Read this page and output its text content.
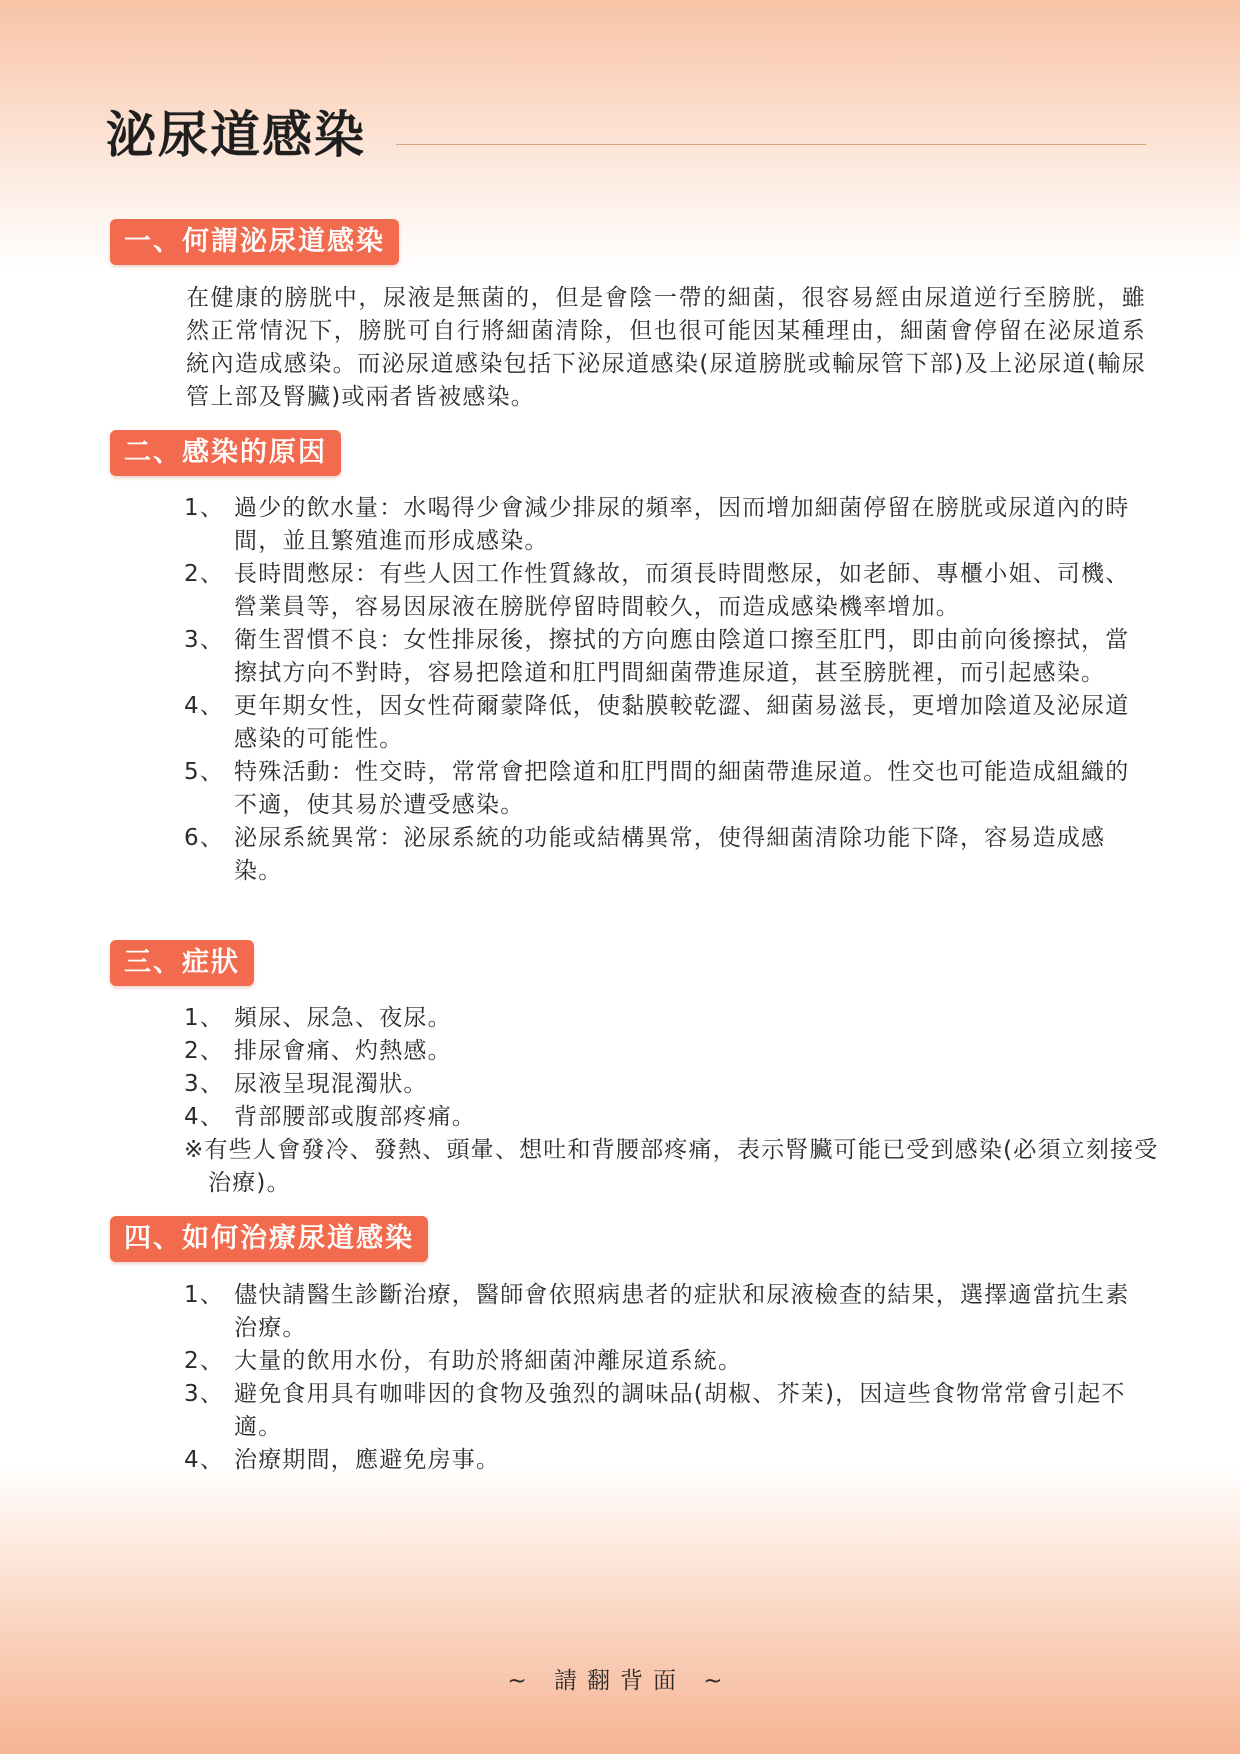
泌尿道感染
一、何謂泌尿道感染

在健康的膀胱中，尿液是無菌的，但是會陰一帶的細菌，很容易經由尿道逆行至膀胱，雖然正常情況下，膀胱可自行將細菌清除，但也很可能因某種理由，細菌會停留在泌尿道系統內造成感染。而泌尿道感染包括下泌尿道感染(尿道膀胱或輸尿管下部)及上泌尿道(輸尿管上部及腎臟)或兩者皆被感染。

二、感染的原因
1、 過少的飲水量：水喝得少會減少排尿的頻率，因而增加細菌停留在膀胱或尿道內的時間，並且繁殖進而形成感染。
2、 長時間憋尿：有些人因工作性質緣故，而須長時間憋尿，如老師、專櫃小姐、司機、營業員等，容易因尿液在膀胱停留時間較久，而造成感染機率增加。
3、 衛生習慣不良：女性排尿後，擦拭的方向應由陰道口擦至肛門，即由前向後擦拭，當擦拭方向不對時，容易把陰道和肛門間細菌帶進尿道，甚至膀胱裡，而引起感染。
4、 更年期女性，因女性荷爾蒙降低，使黏膜較乾澀、細菌易滋長，更增加陰道及泌尿道感染的可能性。
5、 特殊活動：性交時，常常會把陰道和肛門間的細菌帶進尿道。性交也可能造成組織的不適，使其易於遭受感染。
6、 泌尿系統異常：泌尿系統的功能或結構異常，使得細菌清除功能下降，容易造成感染。
三、症狀
1、 頻尿、尿急、夜尿。
2、 排尿會痛、灼熱感。
3、 尿液呈現混濁狀。
4、 背部腰部或腹部疼痛。

※有些人會發冷、發熱、頭暈、想吐和背腰部疼痛，表示腎臟可能已受到感染(必須立刻接受治療)。

四、如何治療尿道感染
1、 儘快請醫生診斷治療，醫師會依照病患者的症狀和尿液檢查的結果，選擇適當抗生素治療。
2、 大量的飲用水份，有助於將細菌沖離尿道系統。
3、 避免食用具有咖啡因的食物及強烈的調味品(胡椒、芥茉)，因這些食物常常會引起不適。
4、 治療期間，應避免房事。
~ 請翻背面 ~
